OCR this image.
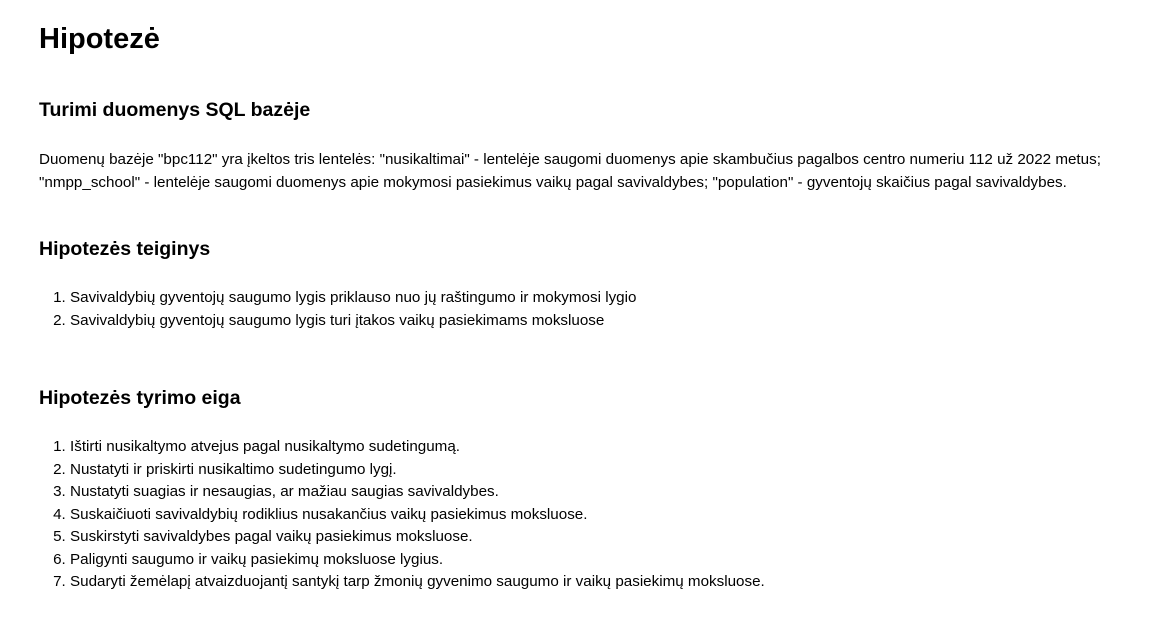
Hipotezė
Turimi duomenys SQL bazėje

Duomenų bazėje "bpc112" yra įkeltos tris lentelės: "nusikaltimai" - lentelėje saugomi duomenys apie skambučius pagalbos centro numeriu 112 už 2022 metus;
"nmpp_school" - lentelėje saugomi duomenys apie mokymosi pasiekimus vaikų pagal savivaldybes; "population" - gyventojų skaičius pagal savivaldybes.

Hipotezės teiginys
1. Savivaldybių gyventojų saugumo lygis priklauso nuo jų raštingumo ir mokymosi lygio
2. Savivaldybių gyventojų saugumo lygis turi įtakos vaikų pasiekimams moksluose
Hipotezės tyrimo eiga
1. Ištirti nusikaltymo atvejus pagal nusikaltymo sudetingumą.
2. Nustatyti ir priskirti nusikaltimo sudetingumo lygį.
3. Nustatyti suagias ir nesaugias, ar mažiau saugias savivaldybes.
4. Suskaičiuoti savivaldybių rodiklius nusakančius vaikų pasiekimus moksluose.
5. Suskirstyti savivaldybes pagal vaikų pasiekimus moksluose.
6. Paligynti saugumo ir vaikų pasiekimų moksluose lygius.
7. Sudaryti žemėlapį atvaizduojantį santykį tarp žmonių gyvenimo saugumo ir vaikų pasiekimų moksluose.
